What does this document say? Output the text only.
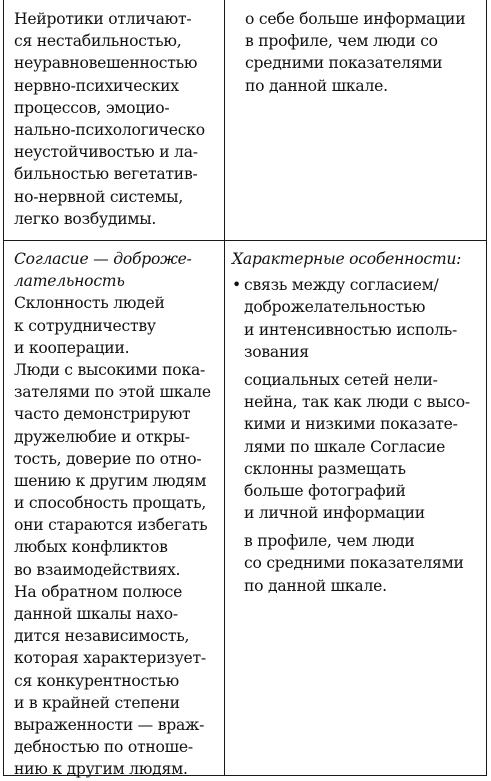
Нейротики отличают-
ся нестабильностью,
неуравновешенностью
нервно-психических
процессов, эмоцио-
нально-психологическо
неустойчивостью и ла-
бильностью вегетатив-
но-нервной системы,
легко возбудимы.
о себе больше информации
в профиле, чем люди со
средними показателями
по данной шкале.
Согласие — доброже-
лательность
Склонность людей
к сотрудничеству
и кооперации.
Люди с высокими пока-
зателями по этой шкале
часто демонстрируют
дружелюбие и откры-
тость, доверие по отно-
шению к другим людям
и способность прощать,
они стараются избегать
любых конфликтов
во взаимодействиях.
На обратном полюсе
данной шкалы нахо-
дится независимость,
которая характеризует-
ся конкурентностью
и в крайней степени
выраженности — враж-
дебностью по отноше-
нию к другим людям.
Характерные особенности:
• связь между согласием/
доброжелательностью
и интенсивностью исполь-
зования
социальных сетей нели-
нейна, так как люди с высо-
кими и низкими показате-
лями по шкале Согласие
склонны размещать
больше фотографий
и личной информации
в профиле, чем люди
со средними показателями
по данной шкале.
